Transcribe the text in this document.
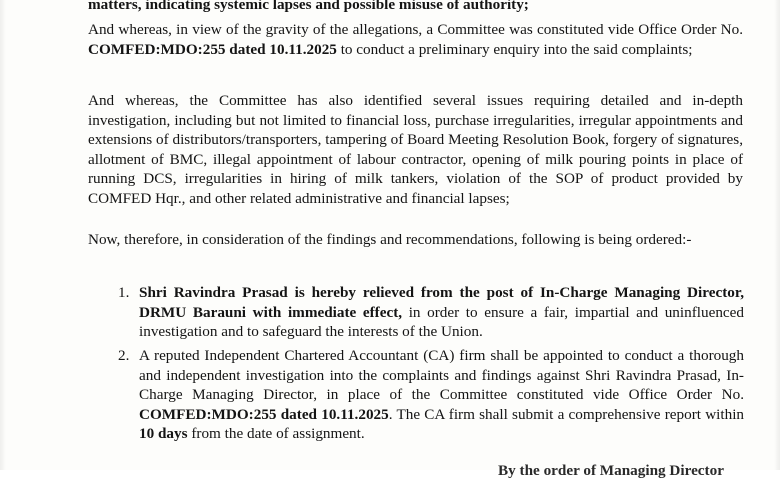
matters, indicating systemic lapses and possible misuse of authority;

And whereas, in view of the gravity of the allegations, a Committee was constituted vide Office Order No. COMFED:MDO:255 dated 10.11.2025 to conduct a preliminary enquiry into the said complaints;

And whereas, the Committee has also identified several issues requiring detailed and in-depth investigation, including but not limited to financial loss, purchase irregularities, irregular appointments and extensions of distributors/transporters, tampering of Board Meeting Resolution Book, forgery of signatures, allotment of BMC, illegal appointment of labour contractor, opening of milk pouring points in place of running DCS, irregularities in hiring of milk tankers, violation of the SOP of product provided by COMFED Hqr., and other related administrative and financial lapses;

Now, therefore, in consideration of the findings and recommendations, following is being ordered:-

1. Shri Ravindra Prasad is hereby relieved from the post of In-Charge Managing Director, DRMU Barauni with immediate effect, in order to ensure a fair, impartial and uninfluenced investigation and to safeguard the interests of the Union.
2. A reputed Independent Chartered Accountant (CA) firm shall be appointed to conduct a thorough and independent investigation into the complaints and findings against Shri Ravindra Prasad, In-Charge Managing Director, in place of the Committee constituted vide Office Order No. COMFED:MDO:255 dated 10.11.2025. The CA firm shall submit a comprehensive report within 10 days from the date of assignment.
By the order of Managing Director
